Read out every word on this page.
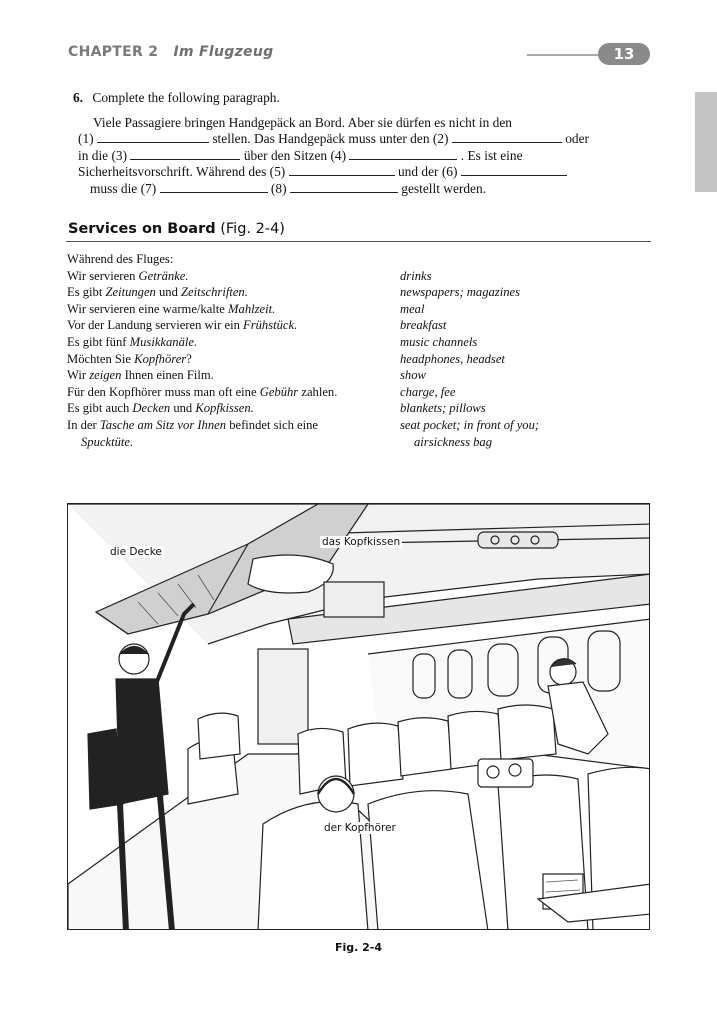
CHAPTER 2 Im Flugzeug	13
6. Complete the following paragraph.
Viele Passagiere bringen Handgepäck an Bord. Aber sie dürfen es nicht in den
(1)	stellen. Das Handgepäck muss unter den (2)	oder
in die (3)	über den Sitzen (4)	. Es ist eine
Sicherheitsvorschrift. Während des (5)	und der (6)
muss die (7)	(8)	gestellt werden.
Services on Board (Fig. 2-4)
Während des Fluges:
Wir servieren Getränke.	drinks
Es gibt Zeitungen und Zeitschriften.	newspapers; magazines
Wir servieren eine warme/kalte Mahlzeit.	meal
Vor der Landung servieren wir ein Frühstück.	breakfast
Es gibt fünf Musikkanäle.	music channels
Möchten Sie Kopfhörer?	headphones, headset
Wir zeigen Ihnen einen Film.	show
Für den Kopfhörer muss man oft eine Gebühr zahlen.	charge, fee
Es gibt auch Decken und Kopfkissen.	blankets; pillows
In der Tasche am Sitz vor Ihnen befindet sich eine	seat pocket; in front of you;
Spucktüte.	airsickness bag
die Decke
das Kopfkissen
der Kopfhörer
Fig. 2-4
